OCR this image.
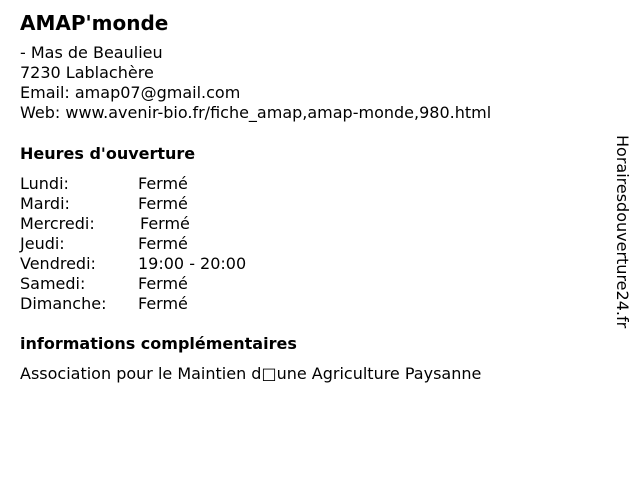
AMAP'monde
- Mas de Beaulieu
7230 Lablachère
Email: amap07@gmail.com
Web: www.avenir-bio.fr/fiche_amap,amap-monde,980.html
Heures d'ouverture
Lundi:	Fermé
Mardi:	Fermé
Mercredi:	Fermé
Jeudi:	Fermé
Vendredi:	19:00 - 20:00
Samedi:	Fermé
Dimanche: Fermé
informations complémentaires
Association pour le Maintien d□une Agriculture Paysanne
Horairesdouverture24.fr
